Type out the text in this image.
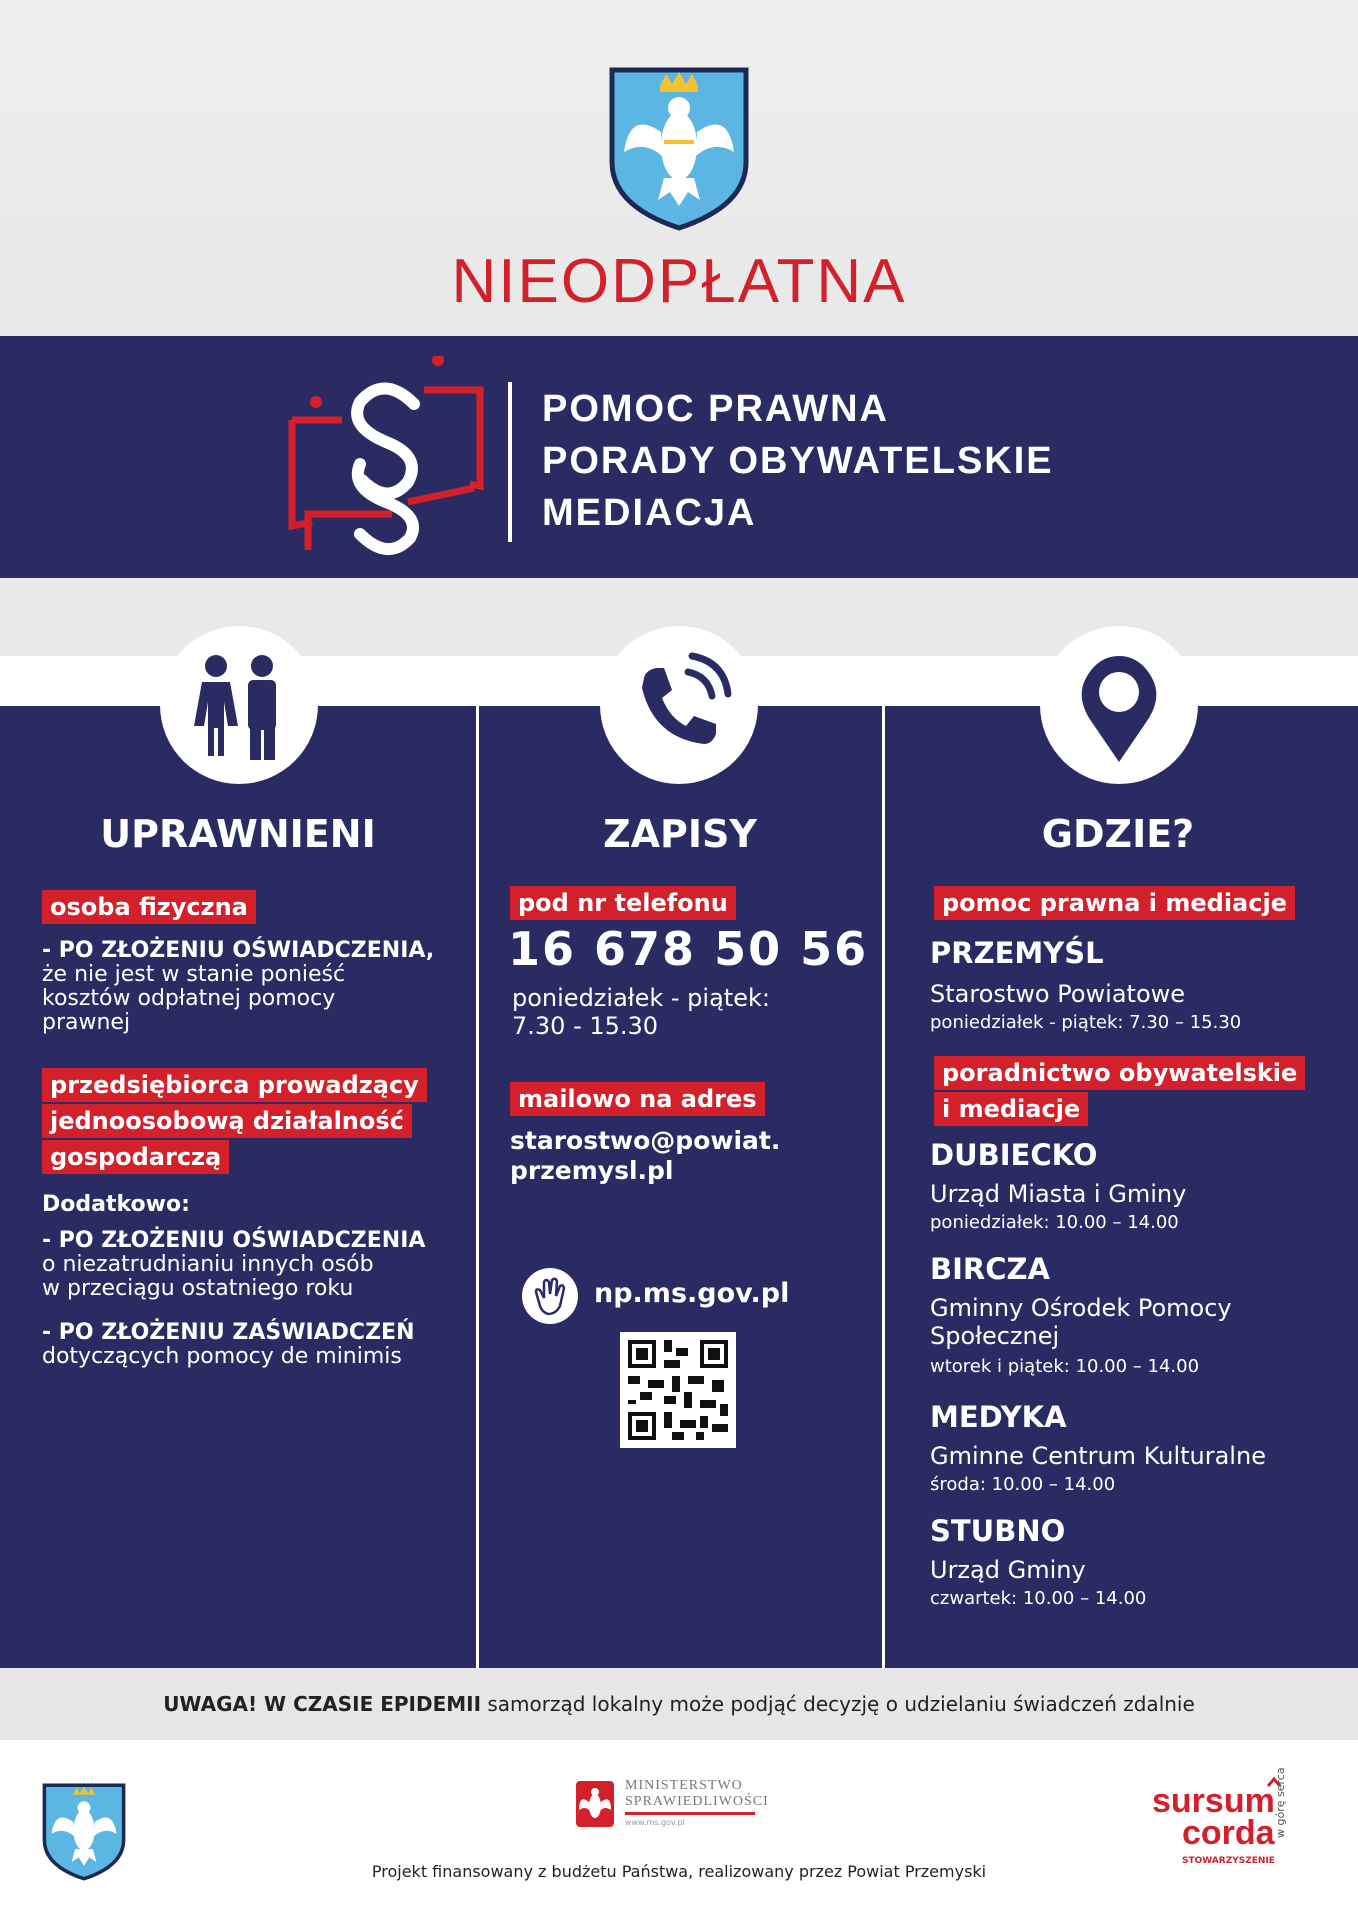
NIEODPŁATNA
POMOC PRAWNA
PORADY OBYWATELSKIE
MEDIACJA
UPRAWNIENI
osoba fizyczna
- PO ZŁOŻENIU OŚWIADCZENIA,
że nie jest w stanie ponieść
kosztów odpłatnej pomocy
prawnej
przedsiębiorca prowadzący
jednoosobową działalność
gospodarczą
Dodatkowo:
- PO ZŁOŻENIU OŚWIADCZENIA
o niezatrudnianiu innych osób
w przeciągu ostatniego roku
- PO ZŁOŻENIU ZAŚWIADCZEŃ
dotyczących pomocy de minimis
ZAPISY
pod nr telefonu
16 678 50 56
poniedziałek - piątek:
7.30 - 15.30
mailowo na adres
starostwo@powiat.
przemysl.pl
np.ms.gov.pl
GDZIE?
pomoc prawna i mediacje
PRZEMYŚL
Starostwo Powiatowe
poniedziałek - piątek: 7.30 – 15.30
poradnictwo obywatelskie
i mediacje
DUBIECKO
Urząd Miasta i Gminy
poniedziałek: 10.00 – 14.00
BIRCZA
Gminny Ośrodek Pomocy
Społecznej
wtorek i piątek: 10.00 – 14.00
MEDYKA
Gminne Centrum Kulturalne
środa: 10.00 – 14.00
STUBNO
Urząd Gminy
czwartek: 10.00 – 14.00
UWAGA! W CZASIE EPIDEMII samorząd lokalny może podjąć decyzję o udzielaniu świadczeń zdalnie
MINISTERSTWO
SPRAWIEDLIWOŚCI
www.ms.gov.pl
sursum
corda
STOWARZYSZENIE
w górę serca
Projekt finansowany z budżetu Państwa, realizowany przez Powiat Przemyski
